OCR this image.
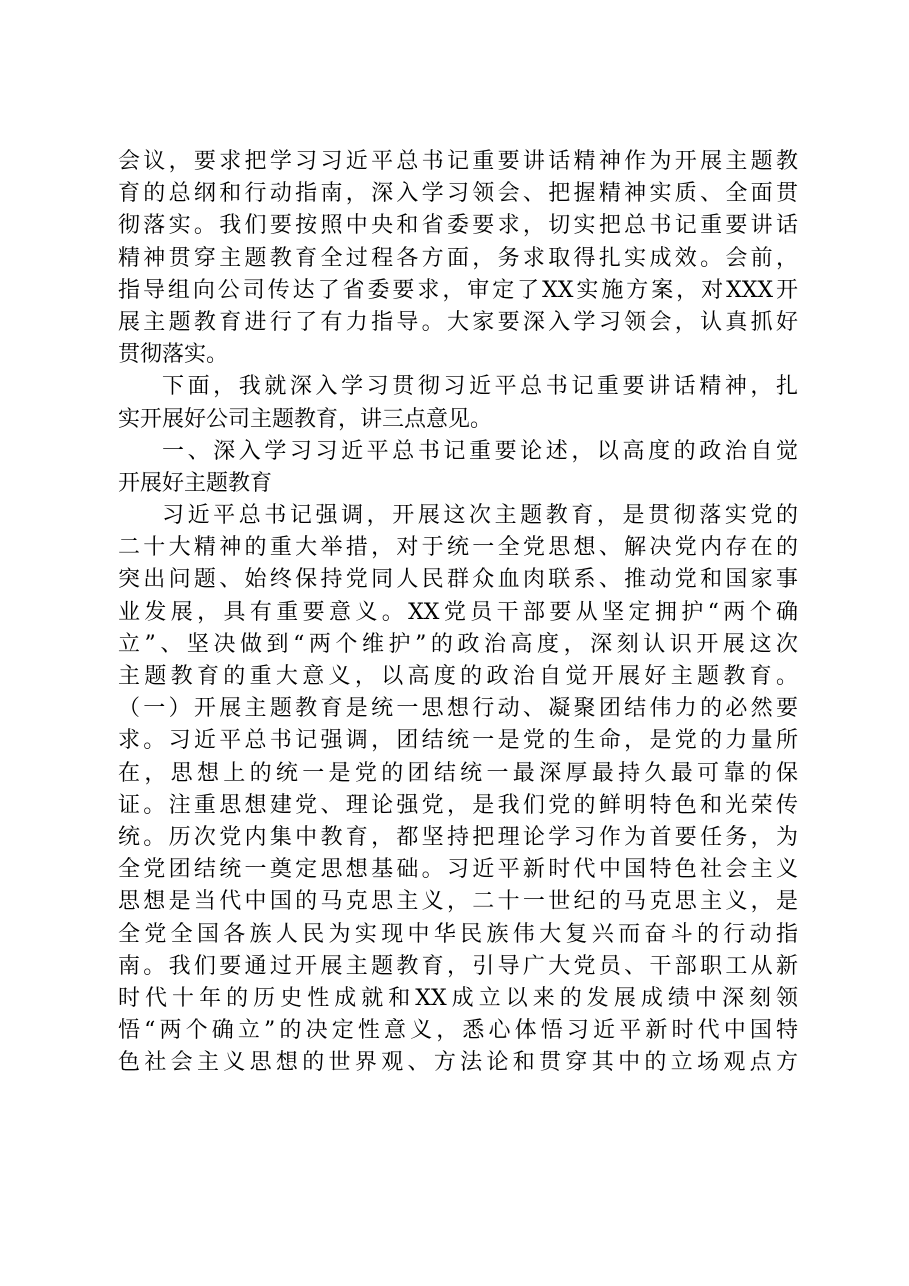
会议，要求把学习习近平总书记重要讲话精神作为开展主题教
育的总纲和行动指南，深入学习领会、把握精神实质、全面贯
彻落实。我们要按照中央和省委要求，切实把总书记重要讲话
精神贯穿主题教育全过程各方面，务求取得扎实成效。会前，
指导组向公司传达了省委要求，审定了XX实施方案，对XXX开
展主题教育进行了有力指导。大家要深入学习领会，认真抓好
贯彻落实。
下面，我就深入学习贯彻习近平总书记重要讲话精神，扎
实开展好公司主题教育，讲三点意见。
一、深入学习习近平总书记重要论述，以高度的政治自觉
开展好主题教育
习近平总书记强调，开展这次主题教育，是贯彻落实党的
二十大精神的重大举措，对于统一全党思想、解决党内存在的
突出问题、始终保持党同人民群众血肉联系、推动党和国家事
业发展，具有重要意义。XX党员干部要从坚定拥护“两个确
立”、坚决做到“两个维护”的政治高度，深刻认识开展这次
主题教育的重大意义，以高度的政治自觉开展好主题教育。
（一）开展主题教育是统一思想行动、凝聚团结伟力的必然要
求。习近平总书记强调，团结统一是党的生命，是党的力量所
在，思想上的统一是党的团结统一最深厚最持久最可靠的保
证。注重思想建党、理论强党，是我们党的鲜明特色和光荣传
统。历次党内集中教育，都坚持把理论学习作为首要任务，为
全党团结统一奠定思想基础。习近平新时代中国特色社会主义
思想是当代中国的马克思主义，二十一世纪的马克思主义，是
全党全国各族人民为实现中华民族伟大复兴而奋斗的行动指
南。我们要通过开展主题教育，引导广大党员、干部职工从新
时代十年的历史性成就和XX成立以来的发展成绩中深刻领
悟“两个确立”的决定性意义，悉心体悟习近平新时代中国特
色社会主义思想的世界观、方法论和贯穿其中的立场观点方
